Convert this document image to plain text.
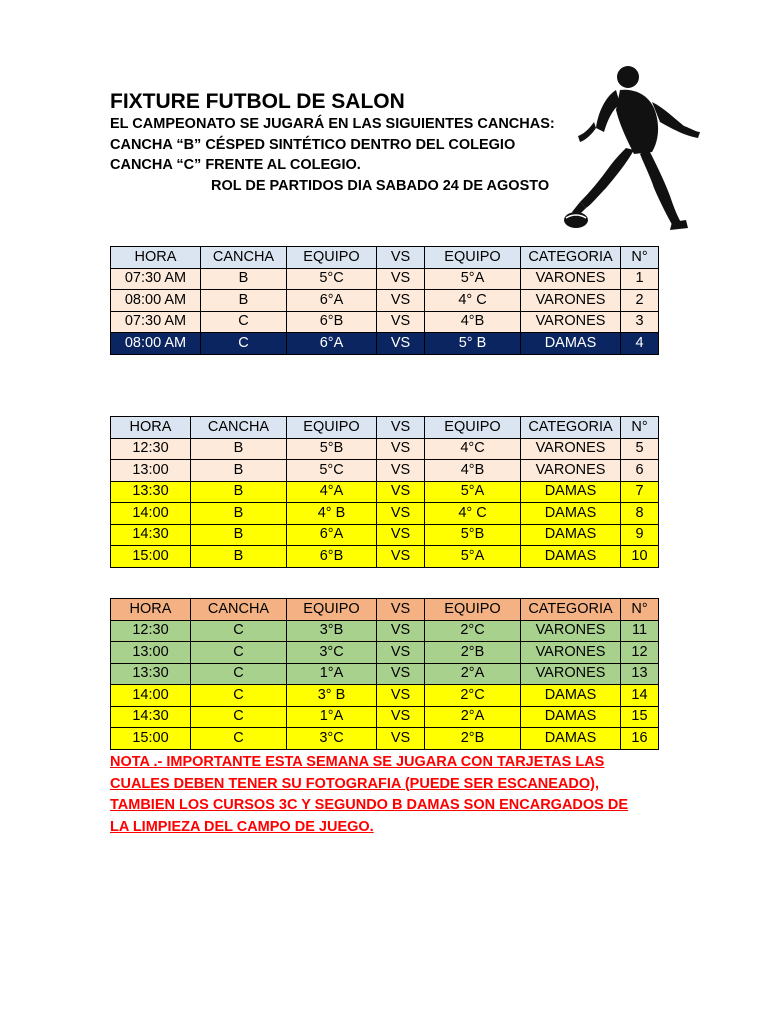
FIXTURE FUTBOL DE SALON
EL CAMPEONATO SE JUGARÁ EN LAS SIGUIENTES CANCHAS:
CANCHA “B” CÉSPED SINTÉTICO DENTRO DEL COLEGIO
CANCHA “C” FRENTE AL COLEGIO.
ROL DE PARTIDOS DIA SABADO 24 DE AGOSTO
HORA	CANCHA	EQUIPO	VS	EQUIPO	CATEGORIA	N°
07:30 AM	B	5°C	VS	5°A	VARONES	1
08:00 AM	B	6°A	VS	4° C	VARONES	2
07:30 AM	C	6°B	VS	4°B	VARONES	3
08:00 AM	C	6°A	VS	5° B	DAMAS	4
HORA	CANCHA	EQUIPO	VS	EQUIPO	CATEGORIA	N°
12:30	B	5°B	VS	4°C	VARONES	5
13:00	B	5°C	VS	4°B	VARONES	6
13:30	B	4°A	VS	5°A	DAMAS	7
14:00	B	4° B	VS	4° C	DAMAS	8
14:30	B	6°A	VS	5°B	DAMAS	9
15:00	B	6°B	VS	5°A	DAMAS	10
HORA	CANCHA	EQUIPO	VS	EQUIPO	CATEGORIA	N°
12:30	C	3°B	VS	2°C	VARONES	11
13:00	C	3°C	VS	2°B	VARONES	12
13:30	C	1°A	VS	2°A	VARONES	13
14:00	C	3° B	VS	2°C	DAMAS	14
14:30	C	1°A	VS	2°A	DAMAS	15
15:00	C	3°C	VS	2°B	DAMAS	16
NOTA .- IMPORTANTE ESTA SEMANA SE JUGARA CON TARJETAS LAS
CUALES DEBEN TENER SU FOTOGRAFIA (PUEDE SER ESCANEADO),
TAMBIEN LOS CURSOS 3C Y SEGUNDO B DAMAS SON ENCARGADOS DE
LA LIMPIEZA DEL CAMPO DE JUEGO.
